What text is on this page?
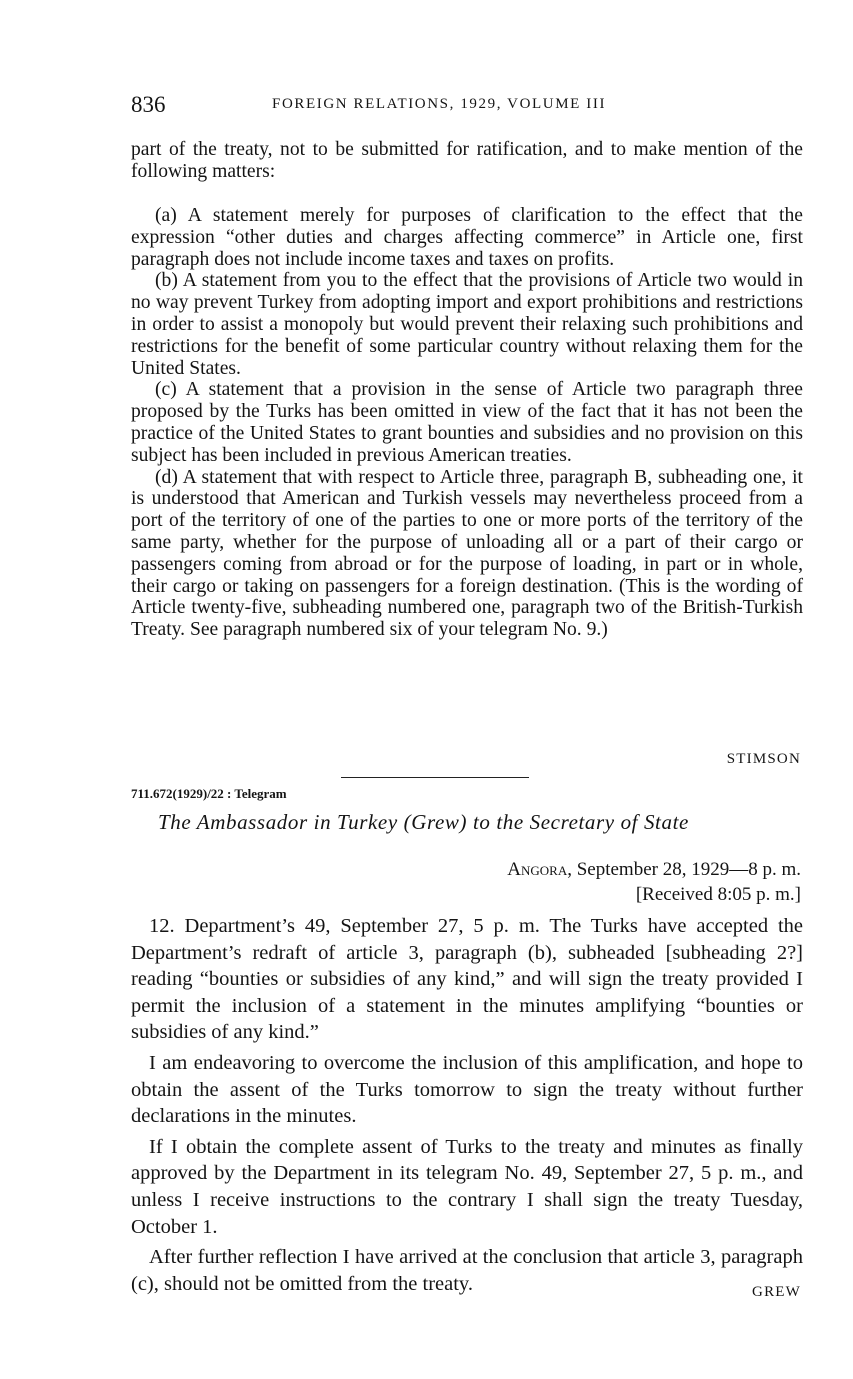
836	FOREIGN RELATIONS, 1929, VOLUME III

part of the treaty, not to be submitted for ratification, and to make mention of the following matters:

(a) A statement merely for purposes of clarification to the effect that the expression “other duties and charges affecting commerce” in Article one, first paragraph does not include income taxes and taxes on profits.

(b) A statement from you to the effect that the provisions of Article two would in no way prevent Turkey from adopting import and export prohibitions and restrictions in order to assist a monopoly but would prevent their relaxing such prohibitions and restrictions for the benefit of some particular country without relaxing them for the United States.

(c) A statement that a provision in the sense of Article two paragraph three proposed by the Turks has been omitted in view of the fact that it has not been the practice of the United States to grant bounties and subsidies and no provision on this subject has been included in previous American treaties.

(d) A statement that with respect to Article three, paragraph B, subheading one, it is understood that American and Turkish vessels may nevertheless proceed from a port of the territory of one of the parties to one or more ports of the territory of the same party, whether for the purpose of unloading all or a part of their cargo or passengers coming from abroad or for the purpose of loading, in part or in whole, their cargo or taking on passengers for a foreign destination. (This is the wording of Article twenty-five, subheading numbered one, paragraph two of the British-Turkish Treaty. See paragraph numbered six of your telegram No. 9.)

STIMSON
711.672(1929)/22 : Telegram
The Ambassador in Turkey (Grew) to the Secretary of State
Angora, September 28, 1929—8 p. m.
[Received 8:05 p. m.]

12. Department’s 49, September 27, 5 p. m. The Turks have accepted the Department’s redraft of article 3, paragraph (b), subheaded [subheading 2?] reading “bounties or subsidies of any kind,” and will sign the treaty provided I permit the inclusion of a statement in the minutes amplifying “bounties or subsidies of any kind.”

I am endeavoring to overcome the inclusion of this amplification, and hope to obtain the assent of the Turks tomorrow to sign the treaty without further declarations in the minutes.

If I obtain the complete assent of Turks to the treaty and minutes as finally approved by the Department in its telegram No. 49, September 27, 5 p. m., and unless I receive instructions to the contrary I shall sign the treaty Tuesday, October 1.

After further reflection I have arrived at the conclusion that article 3, paragraph (c), should not be omitted from the treaty.	GREW
